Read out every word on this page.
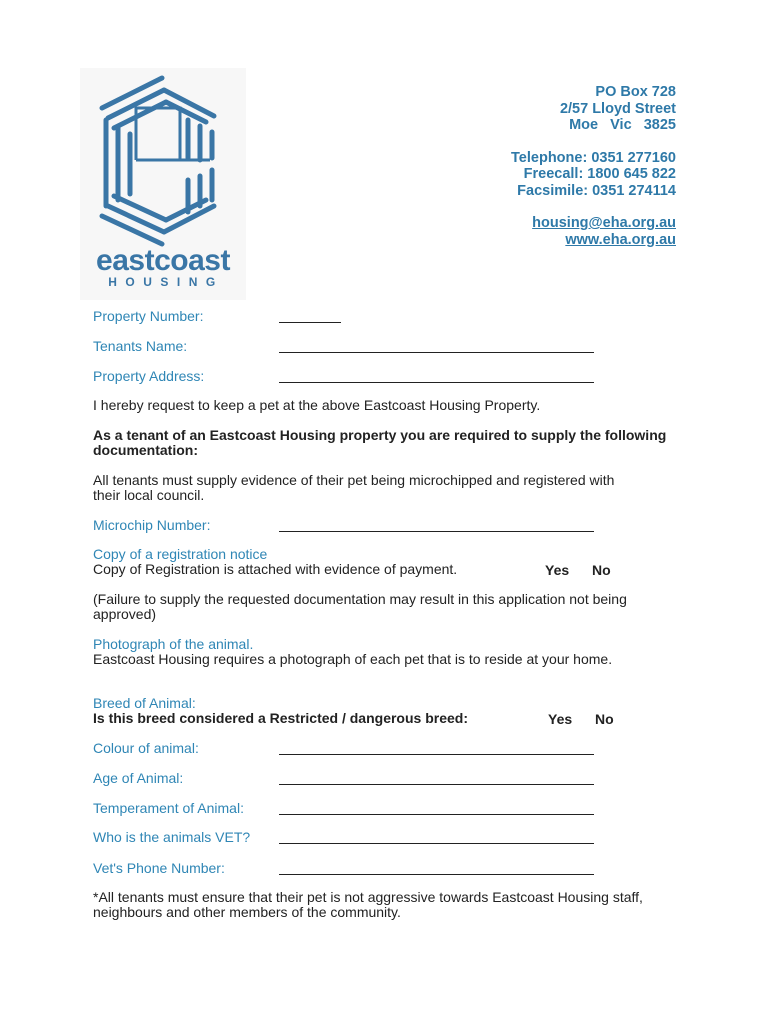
eastcoast
HOUSING
PO Box 728
2/57 Lloyd Street
Moe   Vic   3825
Telephone: 0351 277160
Freecall: 1800 645 822
Facsimile: 0351 274114
housing@eha.org.au
www.eha.org.au
Property Number:
Tenants Name:
Property Address:
I hereby request to keep a pet at the above Eastcoast Housing Property.
As a tenant of an Eastcoast Housing property you are required to supply the following documentation:
All tenants must supply evidence of their pet being microchipped and registered with their local council.
Microchip Number:
Copy of a registration notice
Copy of Registration is attached with evidence of payment.	Yes No
(Failure to supply the requested documentation may result in this application not being approved)
Photograph of the animal.
Eastcoast Housing requires a photograph of each pet that is to reside at your home.
Breed of Animal:
Is this breed considered a Restricted / dangerous breed:	Yes No
Colour of animal:
Age of Animal:
Temperament of Animal:
Who is the animals VET?
Vet's Phone Number:
*All tenants must ensure that their pet is not aggressive towards Eastcoast Housing staff, neighbours and other members of the community.
